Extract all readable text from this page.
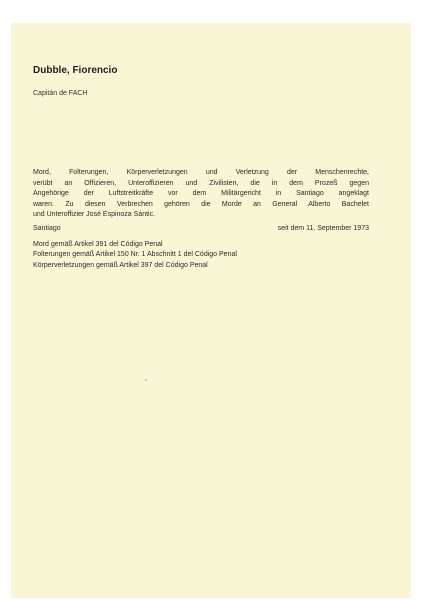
Dubble, Fiorencio
Capitán de FACH
Mord, Folterungen, Körperverletzungen und Verletzung der Menschenrechte,
verübt an Offizieren, Unteroffizieren und Zivilisten, die in dem Prozeß gegen
Angehörige der Luftstreitkräfte vor dem Militärgericht in Santiago angeklagt
waren. Zu diesen Verbrechen gehören die Morde an General Alberto Bachelet
und Unteroffizier José Espinoza Sántic.
Santiago	seit dem 11. September 1973
Mord gemäß Artikel 391 del Código Penal
Folterungen gemäß Artikel 150 Nr. 1 Abschnitt 1 del Código Penal
Körperverletzungen gemäß Artikel 397 del Código Penal
